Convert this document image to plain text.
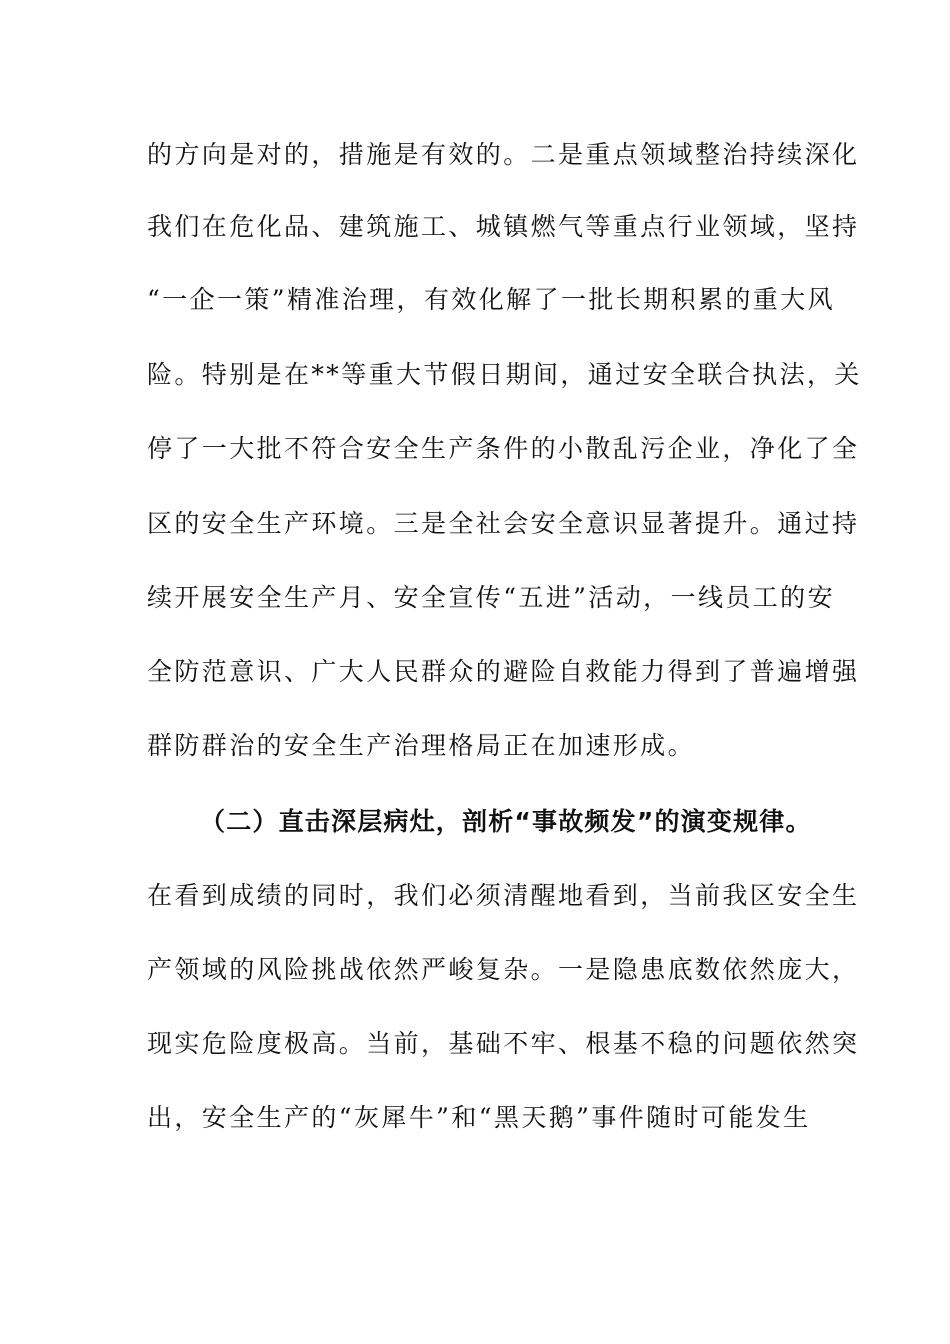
的方向是对的，措施是有效的。二是重点领域整治持续深化
我们在危化品、建筑施工、城镇燃气等重点行业领域，坚持
“一企一策”精准治理，有效化解了一批长期积累的重大风
险。特别是在**等重大节假日期间，通过安全联合执法，关
停了一大批不符合安全生产条件的小散乱污企业，净化了全
区的安全生产环境。三是全社会安全意识显著提升。通过持
续开展安全生产月、安全宣传“五进”活动，一线员工的安
全防范意识、广大人民群众的避险自救能力得到了普遍增强
群防群治的安全生产治理格局正在加速形成。
（二）直击深层病灶，剖析“事故频发”的演变规律。
在看到成绩的同时，我们必须清醒地看到，当前我区安全生
产领域的风险挑战依然严峻复杂。一是隐患底数依然庞大，
现实危险度极高。当前，基础不牢、根基不稳的问题依然突
出，安全生产的“灰犀牛”和“黑天鹅”事件随时可能发生
